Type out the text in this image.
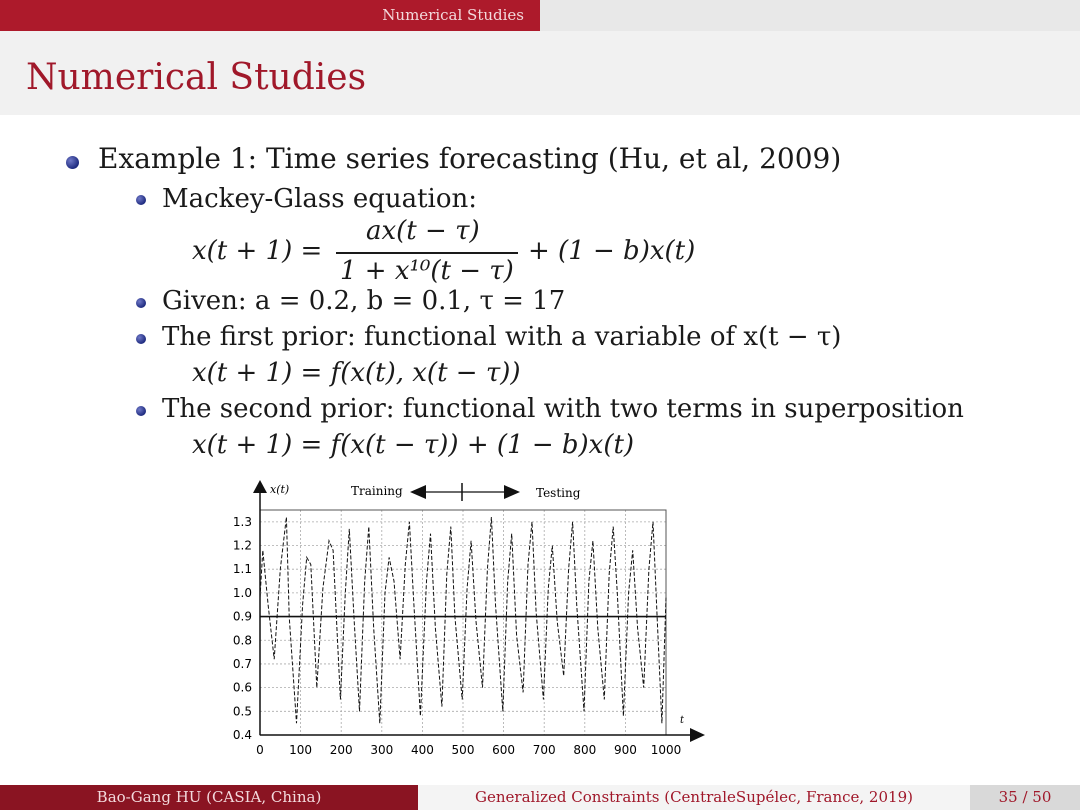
Numerical Studies
Numerical Studies
Example 1: Time series forecasting (Hu, et al, 2009)
Mackey-Glass equation:
x(t + 1) =
ax(t − τ)
1 + x¹⁰(t − τ)
+ (1 − b)x(t)
Given: a = 0.2, b = 0.1, τ = 17
The first prior: functional with a variable of x(t − τ)
x(t + 1) = f(x(t), x(t − τ))
The second prior: functional with two terms in superposition
x(t + 1) = f(x(t − τ)) + (1 − b)x(t)
x(t)
t
Training	Testing
0.4
0.5
0.6
0.7
0.8
0.9
1.0
1.1
1.2
1.3
0 100 200 300 400 500 600 700 800 900 1000
Bao-Gang HU (CASIA, China)	Generalized Constraints (CentraleSupélec, France, 2019)	35 / 50
